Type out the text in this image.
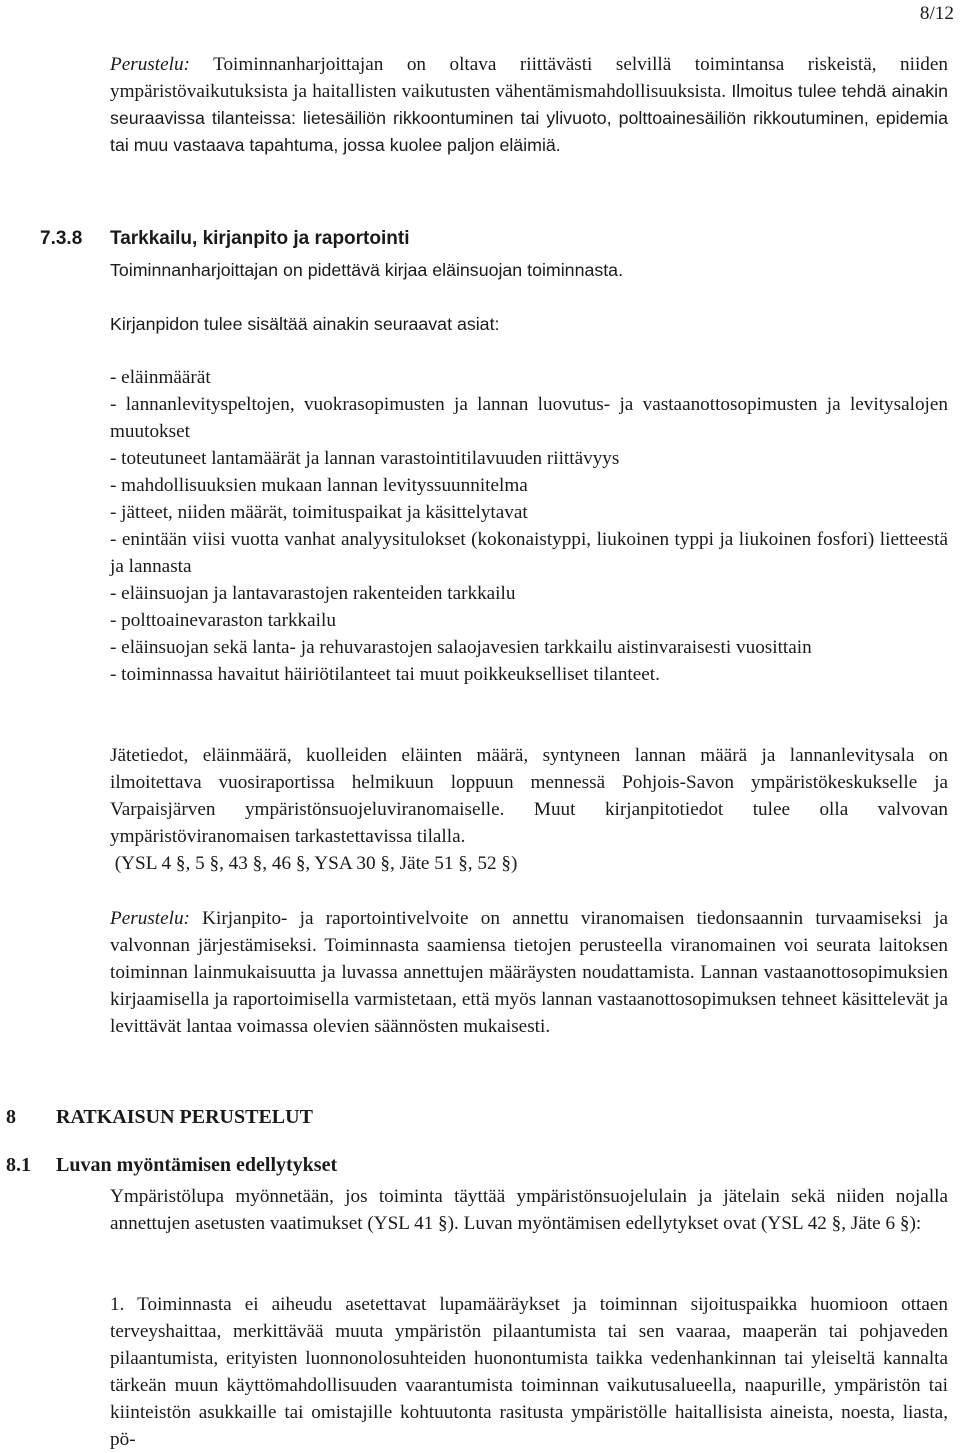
8/12

Perustelu: Toiminnanharjoittajan on oltava riittävästi selvillä toimintansa riskeistä, niiden ympäristövaikutuksista ja haitallisten vaikutusten vähentämismahdollisuuksista. Ilmoitus tulee tehdä ainakin seuraavissa tilanteissa: lietesäiliön rikkoontuminen tai ylivuoto, polttoainesäiliön rikkoutuminen, epidemia tai muu vastaava tapahtuma, jossa kuolee paljon eläimiä.

7.3.8 Tarkkailu, kirjanpito ja raportointi

Toiminnanharjoittajan on pidettävä kirjaa eläinsuojan toiminnasta.

Kirjanpidon tulee sisältää ainakin seuraavat asiat:

- eläinmäärät
- lannanlevityspeltojen, vuokrasopimusten ja lannan luovutus- ja vastaanottosopimusten ja levitysalojen muutokset
- toteutuneet lantamäärät ja lannan varastointitilavuuden riittävyys
- mahdollisuuksien mukaan lannan levityssuunnitelma
- jätteet, niiden määrät, toimituspaikat ja käsittelytavat
- enintään viisi vuotta vanhat analyysitulokset (kokonaistyppi, liukoinen typpi ja liukoinen fosfori) lietteestä ja lannasta
- eläinsuojan ja lantavarastojen rakenteiden tarkkailu
- polttoainevaraston tarkkailu
- eläinsuojan sekä lanta- ja rehuvarastojen salaojavesien tarkkailu aistinvaraisesti vuosittain
- toiminnassa havaitut häiriötilanteet tai muut poikkeukselliset tilanteet.

Jätetiedot, eläinmäärä, kuolleiden eläinten määrä, syntyneen lannan määrä ja lannanlevitysala on ilmoitettava vuosiraportissa helmikuun loppuun mennessä Pohjois-Savon ympäristökeskukselle ja Varpaisjärven ympäristönsuojeluviranomaiselle. Muut kirjanpitotiedot tulee olla valvovan ympäristöviranomaisen tarkastettavissa tilalla.

(YSL 4 §, 5 §, 43 §, 46 §, YSA 30 §, Jäte 51 §, 52 §)

Perustelu: Kirjanpito- ja raportointivelvoite on annettu viranomaisen tiedonsaannin turvaamiseksi ja valvonnan järjestämiseksi. Toiminnasta saamiensa tietojen perusteella viranomainen voi seurata laitoksen toiminnan lainmukaisuutta ja luvassa annettujen määräysten noudattamista. Lannan vastaanottosopimuksien kirjaamisella ja raportoimisella varmistetaan, että myös lannan vastaanottosopimuksen tehneet käsittelevät ja levittävät lantaa voimassa olevien säännösten mukaisesti.

8 RATKAISUN PERUSTELUT
8.1 Luvan myöntämisen edellytykset

Ympäristölupa myönnetään, jos toiminta täyttää ympäristönsuojelulain ja jätelain sekä niiden nojalla annettujen asetusten vaatimukset (YSL 41 §). Luvan myöntämisen edellytykset ovat (YSL 42 §, Jäte 6 §):

1. Toiminnasta ei aiheudu asetettavat lupamääräykset ja toiminnan sijoituspaikka huomioon ottaen terveyshaittaa, merkittävää muuta ympäristön pilaantumista tai sen vaaraa, maaperän tai pohjaveden pilaantumista, erityisten luonnonolosuhteiden huonontumista taikka vedenhankinnan tai yleiseltä kannalta tärkeän muun käyttömahdollisuuden vaarantumista toiminnan vaikutusalueella, naapurille, ympäristön tai kiinteistön asukkaille tai omistajille kohtuutonta rasitusta ympäristölle haitallisista aineista, noesta, liasta, pö-
